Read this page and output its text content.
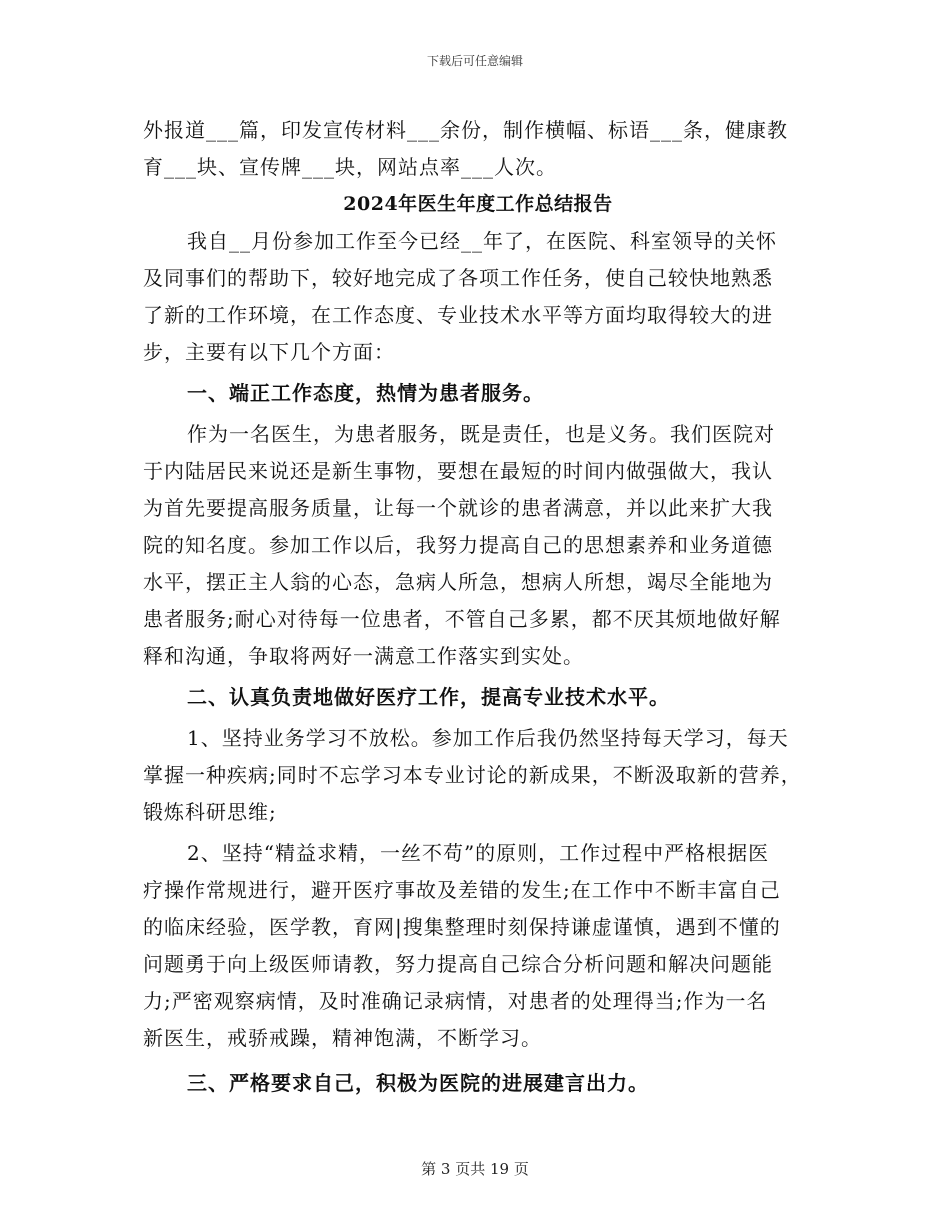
下载后可任意编辑
外报道___篇，印发宣传材料___余份，制作横幅、标语___条，健康教
育___块、宣传牌___块，网站点率___人次。
2024年医生年度工作总结报告
我自__月份参加工作至今已经__年了，在医院、科室领导的关怀
及同事们的帮助下，较好地完成了各项工作任务，使自己较快地熟悉
了新的工作环境，在工作态度、专业技术水平等方面均取得较大的进
步，主要有以下几个方面：
一、端正工作态度，热情为患者服务。
作为一名医生，为患者服务，既是责任，也是义务。我们医院对
于内陆居民来说还是新生事物，要想在最短的时间内做强做大，我认
为首先要提高服务质量，让每一个就诊的患者满意，并以此来扩大我
院的知名度。参加工作以后，我努力提高自己的思想素养和业务道德
水平，摆正主人翁的心态，急病人所急，想病人所想，竭尽全能地为
患者服务;耐心对待每一位患者，不管自己多累，都不厌其烦地做好解
释和沟通，争取将两好一满意工作落实到实处。
二、认真负责地做好医疗工作，提高专业技术水平。
1、坚持业务学习不放松。参加工作后我仍然坚持每天学习，每天
掌握一种疾病;同时不忘学习本专业讨论的新成果，不断汲取新的营养，
锻炼科研思维;
2、坚持“精益求精，一丝不苟”的原则，工作过程中严格根据医
疗操作常规进行，避开医疗事故及差错的发生;在工作中不断丰富自己
的临床经验，医学教，育网|搜集整理时刻保持谦虚谨慎，遇到不懂的
问题勇于向上级医师请教，努力提高自己综合分析问题和解决问题能
力;严密观察病情，及时准确记录病情，对患者的处理得当;作为一名
新医生，戒骄戒躁，精神饱满，不断学习。
三、严格要求自己，积极为医院的进展建言出力。
第 3 页共 19 页
